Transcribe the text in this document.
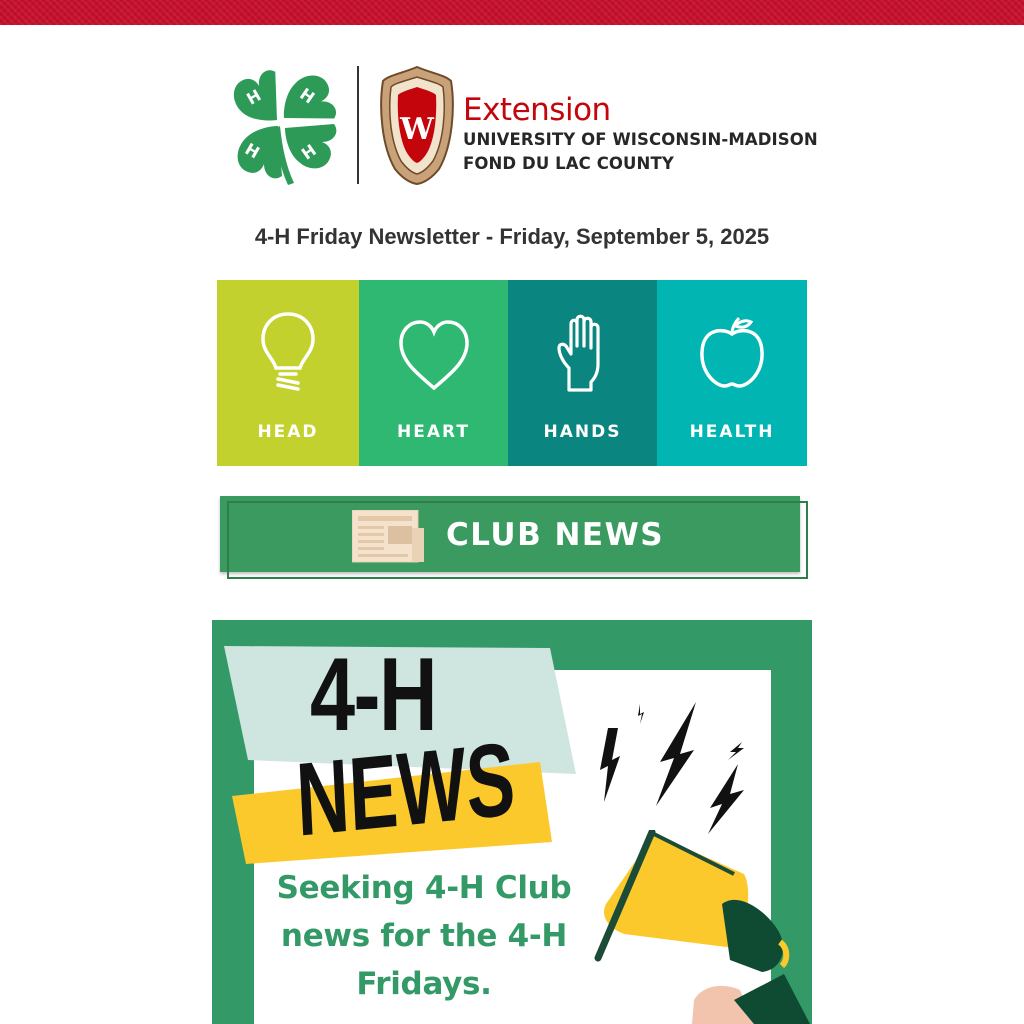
H H
H H
W
Extension
UNIVERSITY OF WISCONSIN-MADISON
FOND DU LAC COUNTY
4-H Friday Newsletter - Friday, September 5, 2025
HEAD	HEART	HANDS	HEALTH
CLUB NEWS
4-H
NEWS
Seeking 4-H Club news for the 4-H Fridays.
